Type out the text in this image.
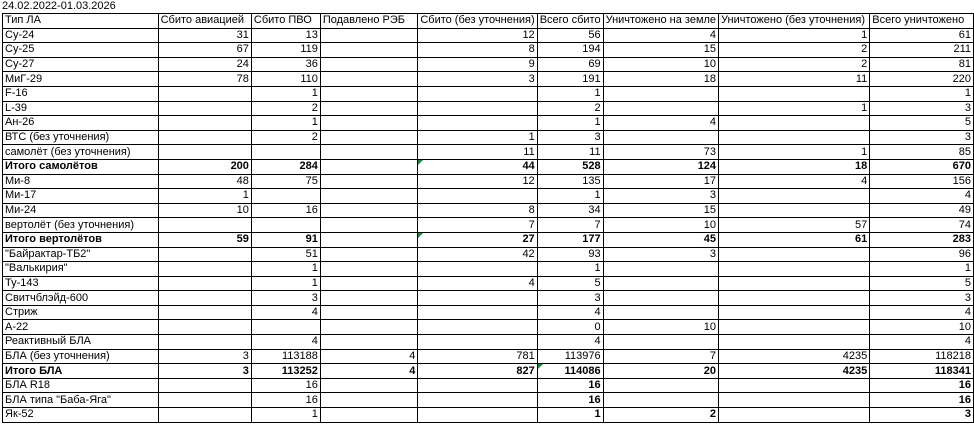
24.02.2022-01.03.2026
Тип ЛА	Сбито авиацией	Сбито ПВО	Подавлено РЭБ	Сбито (без уточнения)	Всего сбито	Уничтожено на земле	Уничтожено (без уточнения)	Всего уничтожено
Су-24	31	13		12	56	4	1	61
Су-25	67	119		8	194	15	2	211
Су-27	24	36		9	69	10	2	81
МиГ-29	78	110		3	191	18	11	220
F-16		1			1			1
L-39		2			2		1	3
Ан-26		1			1	4		5
ВТС (без уточнения)		2		1	3			3
самолёт (без уточнения)				11	11	73	1	85
Итого самолётов	200	284		44	528	124	18	670
Ми-8	48	75		12	135	17	4	156
Ми-17	1				1	3		4
Ми-24	10	16		8	34	15		49
вертолёт (без уточнения)				7	7	10	57	74
Итого вертолётов	59	91		27	177	45	61	283
"Байрактар-ТБ2"		51		42	93	3		96
"Валькирия"		1			1			1
Ту-143		1		4	5			5
Свитчблэйд-600		3			3			3
Стриж		4			4			4
А-22					0	10		10
Реактивный БЛА		4			4			4
БЛА (без уточнения)	3	113188	4	781	113976	7	4235	118218
Итого БЛА	3	113252	4	827	114086	20	4235	118341
БЛА R18		16			16			16
БЛА типа "Баба-Яга"		16			16			16
Як-52		1			1	2		3
